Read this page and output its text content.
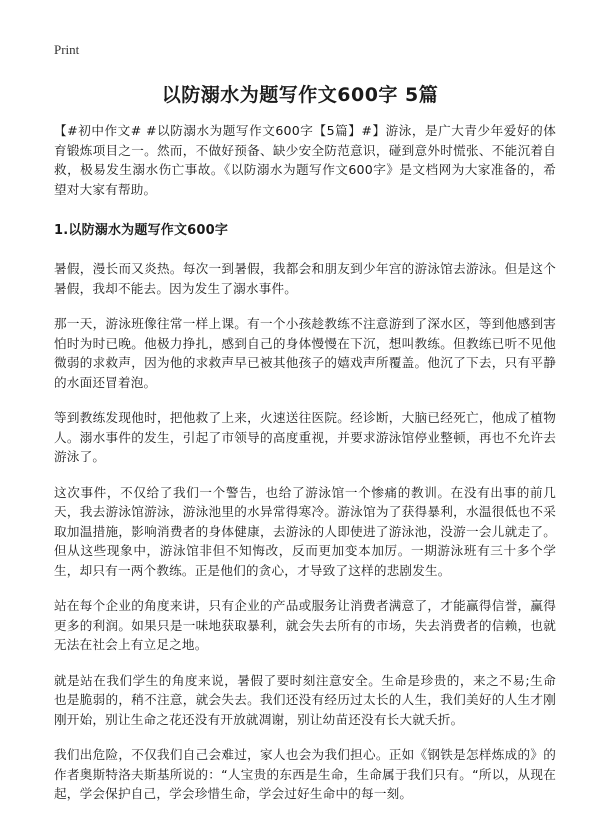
Print
以防溺水为题写作文600字 5篇

【#初中作文# #以防溺水为题写作文600字【5篇】#】游泳，是广大青少年爱好的体育锻炼项目之一。然而，不做好预备、缺少安全防范意识，碰到意外时慌张、不能沉着自救，极易发生溺水伤亡事故。《以防溺水为题写作文600字》是文档网为大家准备的，希望对大家有帮助。

1.以防溺水为题写作文600字

暑假，漫长而又炎热。每次一到暑假，我都会和朋友到少年宫的游泳馆去游泳。但是这个暑假，我却不能去。因为发生了溺水事件。

那一天，游泳班像往常一样上课。有一个小孩趁教练不注意游到了深水区，等到他感到害怕时为时已晚。他极力挣扎，感到自己的身体慢慢在下沉，想叫教练。但教练已听不见他微弱的求救声，因为他的求救声早已被其他孩子的嬉戏声所覆盖。他沉了下去，只有平静的水面还冒着泡。

等到教练发现他时，把他救了上来，火速送往医院。经诊断，大脑已经死亡，他成了植物人。溺水事件的发生，引起了市领导的高度重视，并要求游泳馆停业整顿，再也不允许去游泳了。

这次事件，不仅给了我们一个警告，也给了游泳馆一个惨痛的教训。在没有出事的前几天，我去游泳馆游泳，游泳池里的水异常得寒冷。游泳馆为了获得暴利，水温很低也不采取加温措施，影响消费者的身体健康，去游泳的人即使进了游泳池，没游一会儿就走了。但从这些现象中，游泳馆非但不知悔改，反而更加变本加厉。一期游泳班有三十多个学生，却只有一两个教练。正是他们的贪心，才导致了这样的悲剧发生。

站在每个企业的角度来讲，只有企业的产品或服务让消费者满意了，才能赢得信誉，赢得更多的利润。如果只是一味地获取暴利，就会失去所有的市场，失去消费者的信赖，也就无法在社会上有立足之地。

就是站在我们学生的角度来说，暑假了要时刻注意安全。生命是珍贵的，来之不易;生命也是脆弱的，稍不注意，就会失去。我们还没有经历过太长的人生，我们美好的人生才刚刚开始，别让生命之花还没有开放就凋谢，别让幼苗还没有长大就夭折。

我们出危险，不仅我们自己会难过，家人也会为我们担心。正如《钢铁是怎样炼成的》的作者奥斯特洛夫斯基所说的：“人宝贵的东西是生命，生命属于我们只有。“所以，从现在起，学会保护自己，学会珍惜生命，学会过好生命中的每一刻。
